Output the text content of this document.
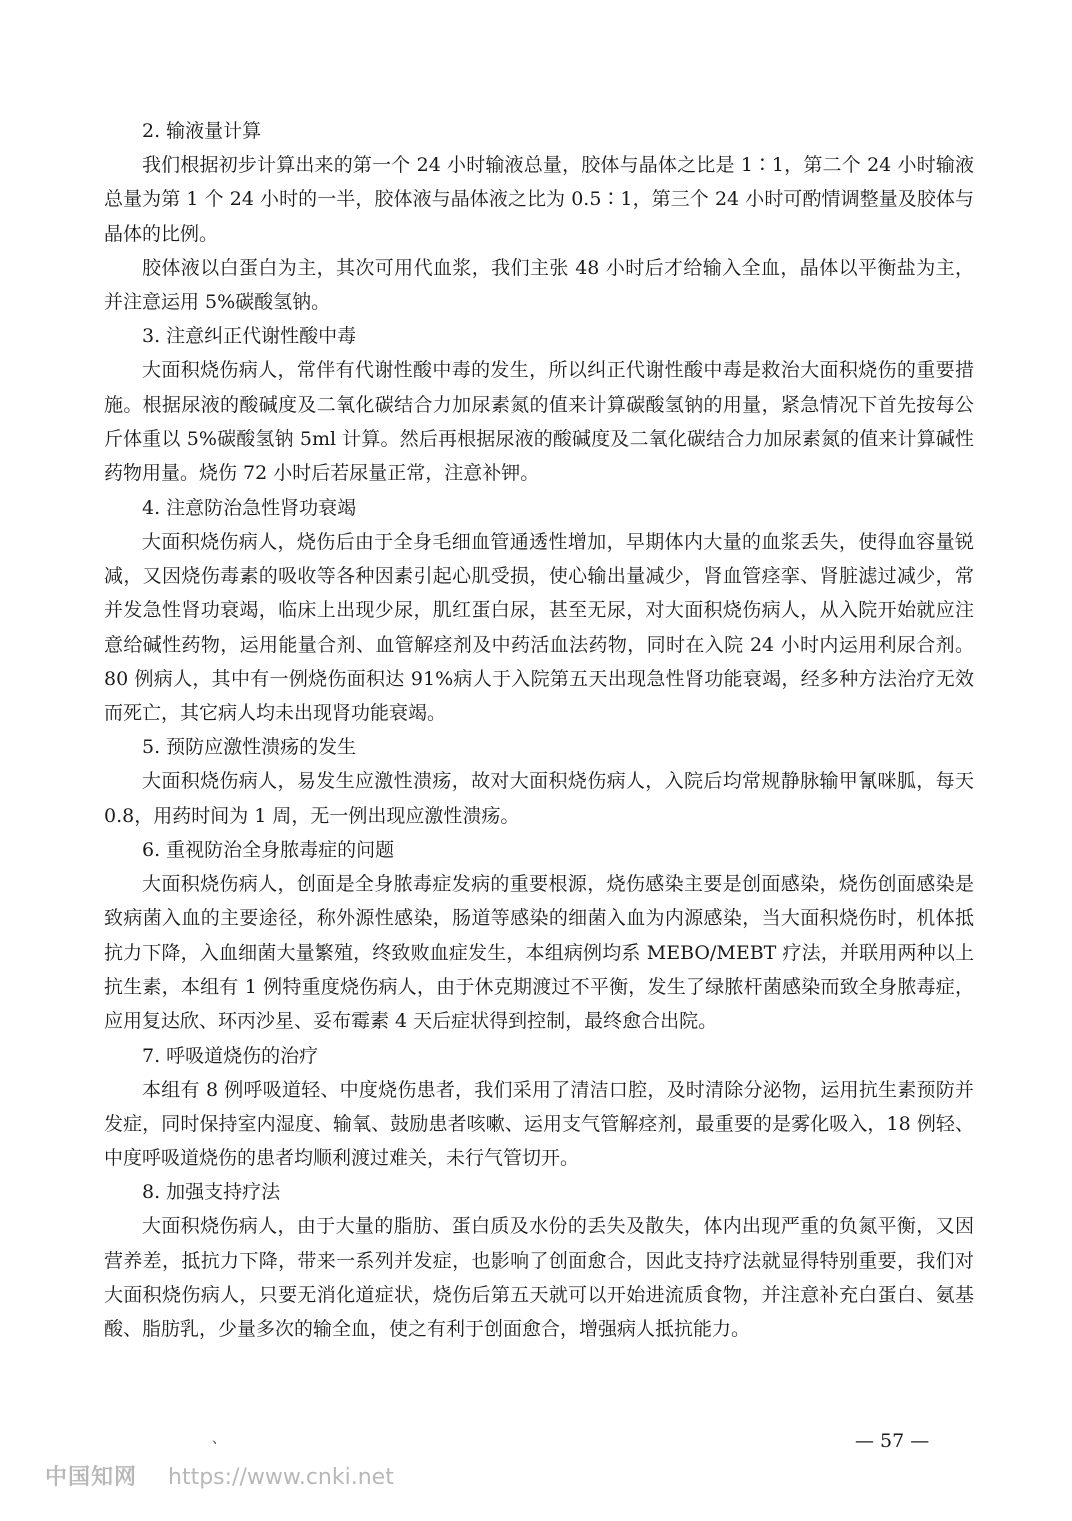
2. 输液量计算

我们根据初步计算出来的第一个 24 小时输液总量，胶体与晶体之比是 1∶1，第二个 24 小时输液总量为第 1 个 24 小时的一半，胶体液与晶体液之比为 0.5∶1，第三个 24 小时可酌情调整量及胶体与晶体的比例。

胶体液以白蛋白为主，其次可用代血浆，我们主张 48 小时后才给输入全血，晶体以平衡盐为主，并注意运用 5%碳酸氢钠。

3. 注意纠正代谢性酸中毒

大面积烧伤病人，常伴有代谢性酸中毒的发生，所以纠正代谢性酸中毒是救治大面积烧伤的重要措施。根据尿液的酸碱度及二氧化碳结合力加尿素氮的值来计算碳酸氢钠的用量，紧急情况下首先按每公斤体重以 5%碳酸氢钠 5ml 计算。然后再根据尿液的酸碱度及二氧化碳结合力加尿素氮的值来计算碱性药物用量。烧伤 72 小时后若尿量正常，注意补钾。

4. 注意防治急性肾功衰竭

大面积烧伤病人，烧伤后由于全身毛细血管通透性增加，早期体内大量的血浆丢失，使得血容量锐减，又因烧伤毒素的吸收等各种因素引起心肌受损，使心输出量减少，肾血管痉挛、肾脏滤过减少，常并发急性肾功衰竭，临床上出现少尿，肌红蛋白尿，甚至无尿，对大面积烧伤病人，从入院开始就应注意给碱性药物，运用能量合剂、血管解痉剂及中药活血法药物，同时在入院 24 小时内运用利尿合剂。80 例病人，其中有一例烧伤面积达 91%病人于入院第五天出现急性肾功能衰竭，经多种方法治疗无效而死亡，其它病人均未出现肾功能衰竭。

5. 预防应激性溃疡的发生

大面积烧伤病人，易发生应激性溃疡，故对大面积烧伤病人，入院后均常规静脉输甲氰咪胍，每天 0.8，用药时间为 1 周，无一例出现应激性溃疡。

6. 重视防治全身脓毒症的问题

大面积烧伤病人，创面是全身脓毒症发病的重要根源，烧伤感染主要是创面感染，烧伤创面感染是致病菌入血的主要途径，称外源性感染，肠道等感染的细菌入血为内源感染，当大面积烧伤时，机体抵抗力下降，入血细菌大量繁殖，终致败血症发生，本组病例均系 MEBO/MEBT 疗法，并联用两种以上抗生素，本组有 1 例特重度烧伤病人，由于休克期渡过不平衡，发生了绿脓杆菌感染而致全身脓毒症，应用复达欣、环丙沙星、妥布霉素 4 天后症状得到控制，最终愈合出院。

7. 呼吸道烧伤的治疗

本组有 8 例呼吸道轻、中度烧伤患者，我们采用了清洁口腔，及时清除分泌物，运用抗生素预防并发症，同时保持室内湿度、输氧、鼓励患者咳嗽、运用支气管解痉剂，最重要的是雾化吸入，18 例轻、中度呼吸道烧伤的患者均顺利渡过难关，未行气管切开。

8. 加强支持疗法

大面积烧伤病人，由于大量的脂肪、蛋白质及水份的丢失及散失，体内出现严重的负氮平衡，又因营养差，抵抗力下降，带来一系列并发症，也影响了创面愈合，因此支持疗法就显得特别重要，我们对大面积烧伤病人，只要无消化道症状，烧伤后第五天就可以开始进流质食物，并注意补充白蛋白、氨基酸、脂肪乳，少量多次的输全血，使之有利于创面愈合，增强病人抵抗能力。

、	— 57 —
中国知网 https://www.cnki.net
